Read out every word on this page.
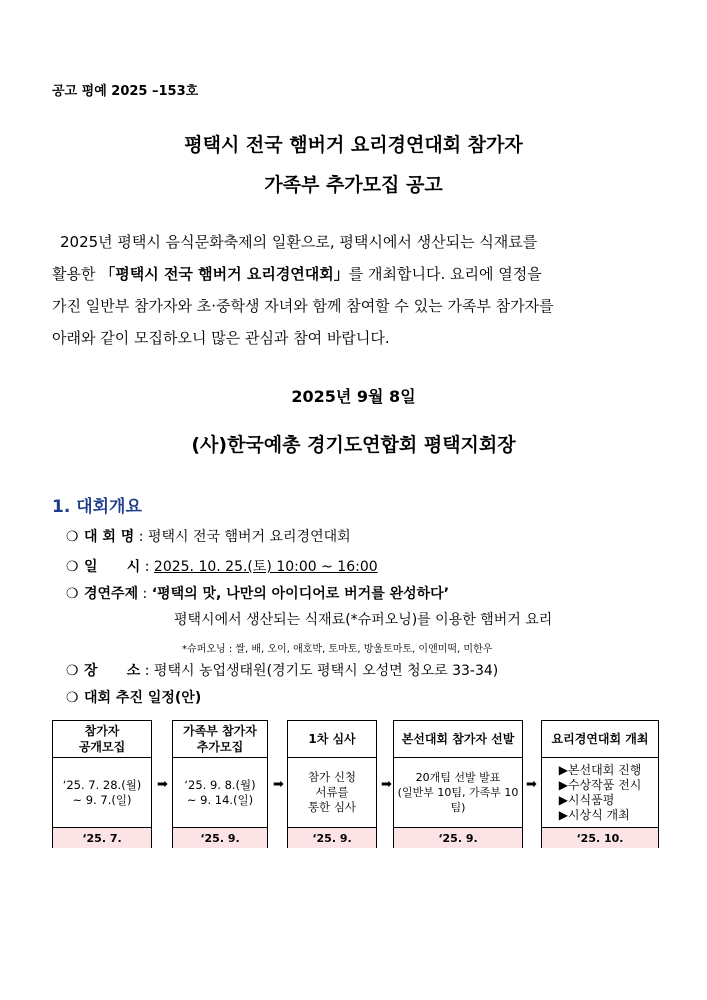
공고 평예 2025 –153호
평택시 전국 햄버거 요리경연대회 참가자
가족부 추가모집 공고

2025년 평택시 음식문화축제의 일환으로, 평택시에서 생산되는 식재료를

활용한 「평택시 전국 햄버거 요리경연대회」를 개최합니다. 요리에 열정을

가진 일반부 참가자와 초·중학생 자녀와 함께 참여할 수 있는 가족부 참가자를

아래와 같이 모집하오니 많은 관심과 참여 바랍니다.

2025년 9월 8일
(사)한국예총 경기도연합회 평택지회장
1. 대회개요
❍ 대 회 명 : 평택시 전국 햄버거 요리경연대회
❍ 일      시 : 2025. 10. 25.(토) 10:00 ~ 16:00
❍ 경연주제 : ‘평택의 맛, 나만의 아이디어로 버거를 완성하다’
평택시에서 생산되는 식재료(*슈퍼오닝)를 이용한 햄버거 요리
*슈퍼오닝 : 쌀, 배, 오이, 애호박, 토마토, 방울토마토, 이앤미떡, 미한우
❍ 장      소 : 평택시 농업생태원(경기도 평택시 오성면 청오로 33-34)
❍ 대회 추진 일정(안)
참가자
공개모집
‘25. 7. 28.(월)
~ 9. 7.(일)
‘25. 7.
➡
가족부 참가자
추가모집
‘25. 9. 8.(월)
~ 9. 14.(일)
‘25. 9.
➡
1차 심사
참가 신청
서류를
통한 심사
‘25. 9.
➡
본선대회 참가자 선발
20개팀 선발 발표
(일반부 10팀, 가족부 10팀)
‘25. 9.
➡
요리경연대회 개최
▶본선대회 진행
▶수상작품 전시
▶시식품평
▶시상식 개최
‘25. 10.
